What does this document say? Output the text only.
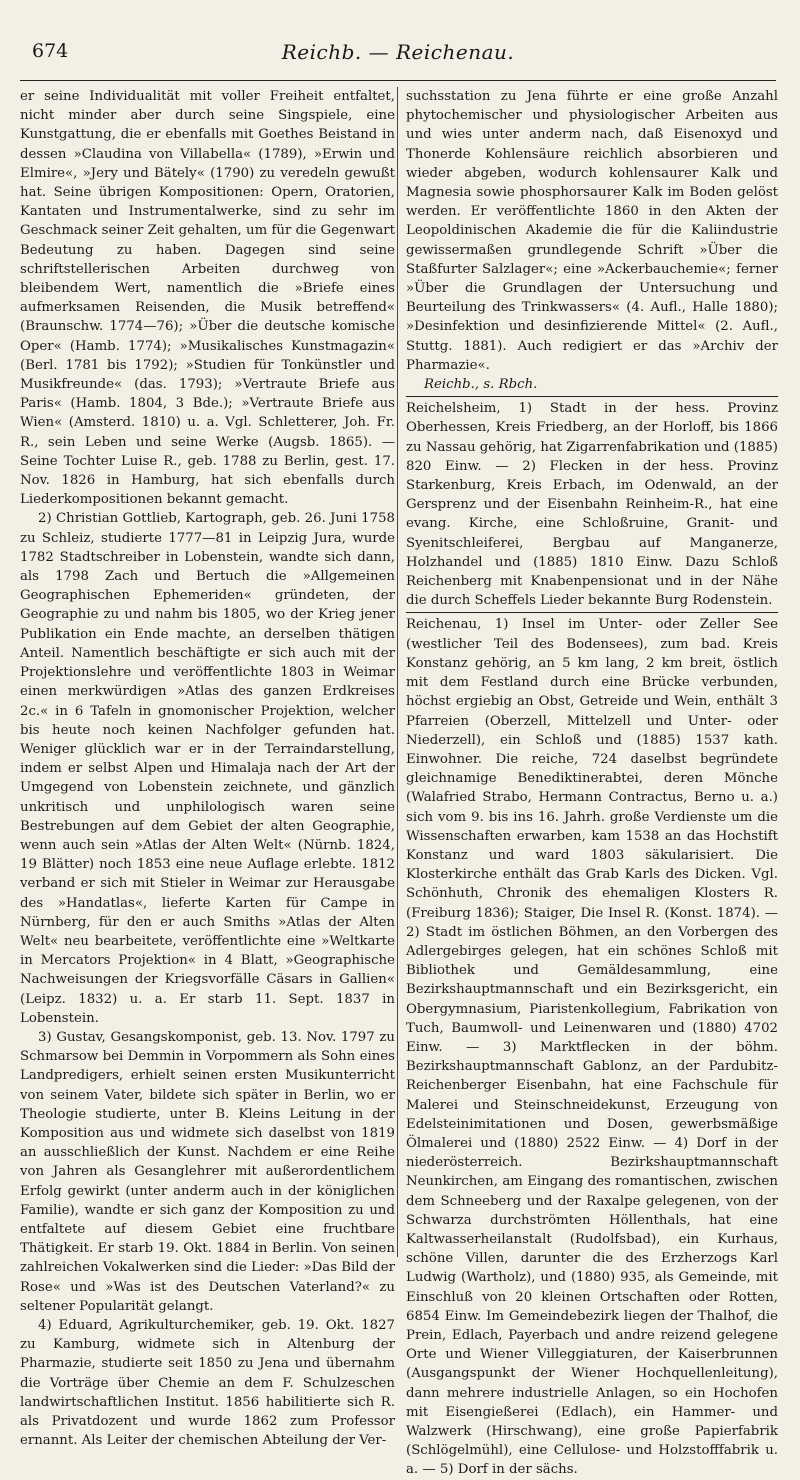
674	Reichb. — Reichenau.

er seine Individualität mit voller Freiheit entfaltet, nicht minder aber durch seine Singspiele, eine Kunstgattung, die er ebenfalls mit Goethes Beistand in dessen »Claudina von Villabella« (1789), »Erwin und Elmire«, »Jery und Bätely« (1790) zu veredeln gewußt hat. Seine übrigen Kompositionen: Opern, Oratorien, Kantaten und Instrumentalwerke, sind zu sehr im Geschmack seiner Zeit gehalten, um für die Gegenwart Bedeutung zu haben. Dagegen sind seine schriftstellerischen Arbeiten durchweg von bleibendem Wert, namentlich die »Briefe eines aufmerksamen Reisenden, die Musik betreffend« (Braunschw. 1774—76); »Über die deutsche komische Oper« (Hamb. 1774); »Musikalisches Kunstmagazin« (Berl. 1781 bis 1792); »Studien für Tonkünstler und Musikfreunde« (das. 1793); »Vertraute Briefe aus Paris« (Hamb. 1804, 3 Bde.); »Vertraute Briefe aus Wien« (Amsterd. 1810) u. a. Vgl. Schletterer, Joh. Fr. R., sein Leben und seine Werke (Augsb. 1865). — Seine Tochter Luise R., geb. 1788 zu Berlin, gest. 17. Nov. 1826 in Hamburg, hat sich ebenfalls durch Liederkompositionen bekannt gemacht.

2) Christian Gottlieb, Kartograph, geb. 26. Juni 1758 zu Schleiz, studierte 1777—81 in Leipzig Jura, wurde 1782 Stadtschreiber in Lobenstein, wandte sich dann, als 1798 Zach und Bertuch die »Allgemeinen Geographischen Ephemeriden« gründeten, der Geographie zu und nahm bis 1805, wo der Krieg jener Publikation ein Ende machte, an derselben thätigen Anteil. Namentlich beschäftigte er sich auch mit der Projektionslehre und veröffentlichte 1803 in Weimar einen merkwürdigen »Atlas des ganzen Erdkreises 2c.« in 6 Tafeln in gnomonischer Projektion, welcher bis heute noch keinen Nachfolger gefunden hat. Weniger glücklich war er in der Terraindarstellung, indem er selbst Alpen und Himalaja nach der Art der Umgegend von Lobenstein zeichnete, und gänzlich unkritisch und unphilologisch waren seine Bestrebungen auf dem Gebiet der alten Geographie, wenn auch sein »Atlas der Alten Welt« (Nürnb. 1824, 19 Blätter) noch 1853 eine neue Auflage erlebte. 1812 verband er sich mit Stieler in Weimar zur Herausgabe des »Handatlas«, lieferte Karten für Campe in Nürnberg, für den er auch Smiths »Atlas der Alten Welt« neu bearbeitete, veröffentlichte eine »Weltkarte in Mercators Projektion« in 4 Blatt, »Geographische Nachweisungen der Kriegsvorfälle Cäsars in Gallien« (Leipz. 1832) u. a. Er starb 11. Sept. 1837 in Lobenstein.

3) Gustav, Gesangskomponist, geb. 13. Nov. 1797 zu Schmarsow bei Demmin in Vorpommern als Sohn eines Landpredigers, erhielt seinen ersten Musikunterricht von seinem Vater, bildete sich später in Berlin, wo er Theologie studierte, unter B. Kleins Leitung in der Komposition aus und widmete sich daselbst von 1819 an ausschließlich der Kunst. Nachdem er eine Reihe von Jahren als Gesanglehrer mit außerordentlichem Erfolg gewirkt (unter anderm auch in der königlichen Familie), wandte er sich ganz der Komposition zu und entfaltete auf diesem Gebiet eine fruchtbare Thätigkeit. Er starb 19. Okt. 1884 in Berlin. Von seinen zahlreichen Vokalwerken sind die Lieder: »Das Bild der Rose« und »Was ist des Deutschen Vaterland?« zu seltener Popularität gelangt.

4) Eduard, Agrikulturchemiker, geb. 19. Okt. 1827 zu Kamburg, widmete sich in Altenburg der Pharmazie, studierte seit 1850 zu Jena und übernahm die Vorträge über Chemie an dem F. Schulzeschen landwirtschaftlichen Institut. 1856 habilitierte sich R. als Privatdozent und wurde 1862 zum Professor ernannt. Als Leiter der chemischen Abteilung der Ver-

suchsstation zu Jena führte er eine große Anzahl phytochemischer und physiologischer Arbeiten aus und wies unter anderm nach, daß Eisenoxyd und Thonerde Kohlensäure reichlich absorbieren und wieder abgeben, wodurch kohlensaurer Kalk und Magnesia sowie phosphorsaurer Kalk im Boden gelöst werden. Er veröffentlichte 1860 in den Akten der Leopoldinischen Akademie die für die Kaliindustrie gewissermaßen grundlegende Schrift »Über die Staßfurter Salzlager«; eine »Ackerbauchemie«; ferner »Über die Grundlagen der Untersuchung und Beurteilung des Trinkwassers« (4. Aufl., Halle 1880); »Desinfektion und desinfizierende Mittel« (2. Aufl., Stuttg. 1881). Auch redigiert er das »Archiv der Pharmazie«.

Reichb., s. Rbch.

Reichelsheim, 1) Stadt in der hess. Provinz Oberhessen, Kreis Friedberg, an der Horloff, bis 1866 zu Nassau gehörig, hat Zigarrenfabrikation und (1885) 820 Einw. — 2) Flecken in der hess. Provinz Starkenburg, Kreis Erbach, im Odenwald, an der Gersprenz und der Eisenbahn Reinheim-R., hat eine evang. Kirche, eine Schloßruine, Granit- und Syenitschleiferei, Bergbau auf Manganerze, Holzhandel und (1885) 1810 Einw. Dazu Schloß Reichenberg mit Knabenpensionat und in der Nähe die durch Scheffels Lieder bekannte Burg Rodenstein.

Reichenau, 1) Insel im Unter- oder Zeller See (westlicher Teil des Bodensees), zum bad. Kreis Konstanz gehörig, an 5 km lang, 2 km breit, östlich mit dem Festland durch eine Brücke verbunden, höchst ergiebig an Obst, Getreide und Wein, enthält 3 Pfarreien (Oberzell, Mittelzell und Unter- oder Niederzell), ein Schloß und (1885) 1537 kath. Einwohner. Die reiche, 724 daselbst begründete gleichnamige Benediktinerabtei, deren Mönche (Walafried Strabo, Hermann Contractus, Berno u. a.) sich vom 9. bis ins 16. Jahrh. große Verdienste um die Wissenschaften erwarben, kam 1538 an das Hochstift Konstanz und ward 1803 säkularisiert. Die Klosterkirche enthält das Grab Karls des Dicken. Vgl. Schönhuth, Chronik des ehemaligen Klosters R. (Freiburg 1836); Staiger, Die Insel R. (Konst. 1874). — 2) Stadt im östlichen Böhmen, an den Vorbergen des Adlergebirges gelegen, hat ein schönes Schloß mit Bibliothek und Gemäldesammlung, eine Bezirkshauptmannschaft und ein Bezirksgericht, ein Obergymnasium, Piaristenkollegium, Fabrikation von Tuch, Baumwoll- und Leinenwaren und (1880) 4702 Einw. — 3) Marktflecken in der böhm. Bezirkshauptmannschaft Gablonz, an der Pardubitz-Reichenberger Eisenbahn, hat eine Fachschule für Malerei und Steinschneidekunst, Erzeugung von Edelsteinimitationen und Dosen, gewerbsmäßige Ölmalerei und (1880) 2522 Einw. — 4) Dorf in der niederösterreich. Bezirkshauptmannschaft Neunkirchen, am Eingang des romantischen, zwischen dem Schneeberg und der Raxalpe gelegenen, von der Schwarza durchströmten Höllenthals, hat eine Kaltwasserheilanstalt (Rudolfsbad), ein Kurhaus, schöne Villen, darunter die des Erzherzogs Karl Ludwig (Wartholz), und (1880) 935, als Gemeinde, mit Einschluß von 20 kleinen Ortschaften oder Rotten, 6854 Einw. Im Gemeindebezirk liegen der Thalhof, die Prein, Edlach, Payerbach und andre reizend gelegene Orte und Wiener Villeggiaturen, der Kaiserbrunnen (Ausgangspunkt der Wiener Hochquellenleitung), dann mehrere industrielle Anlagen, so ein Hochofen mit Eisengießerei (Edlach), ein Hammer- und Walzwerk (Hirschwang), eine große Papierfabrik (Schlögelmühl), eine Cellulose- und Holzstofffabrik u. a. — 5) Dorf in der sächs.
